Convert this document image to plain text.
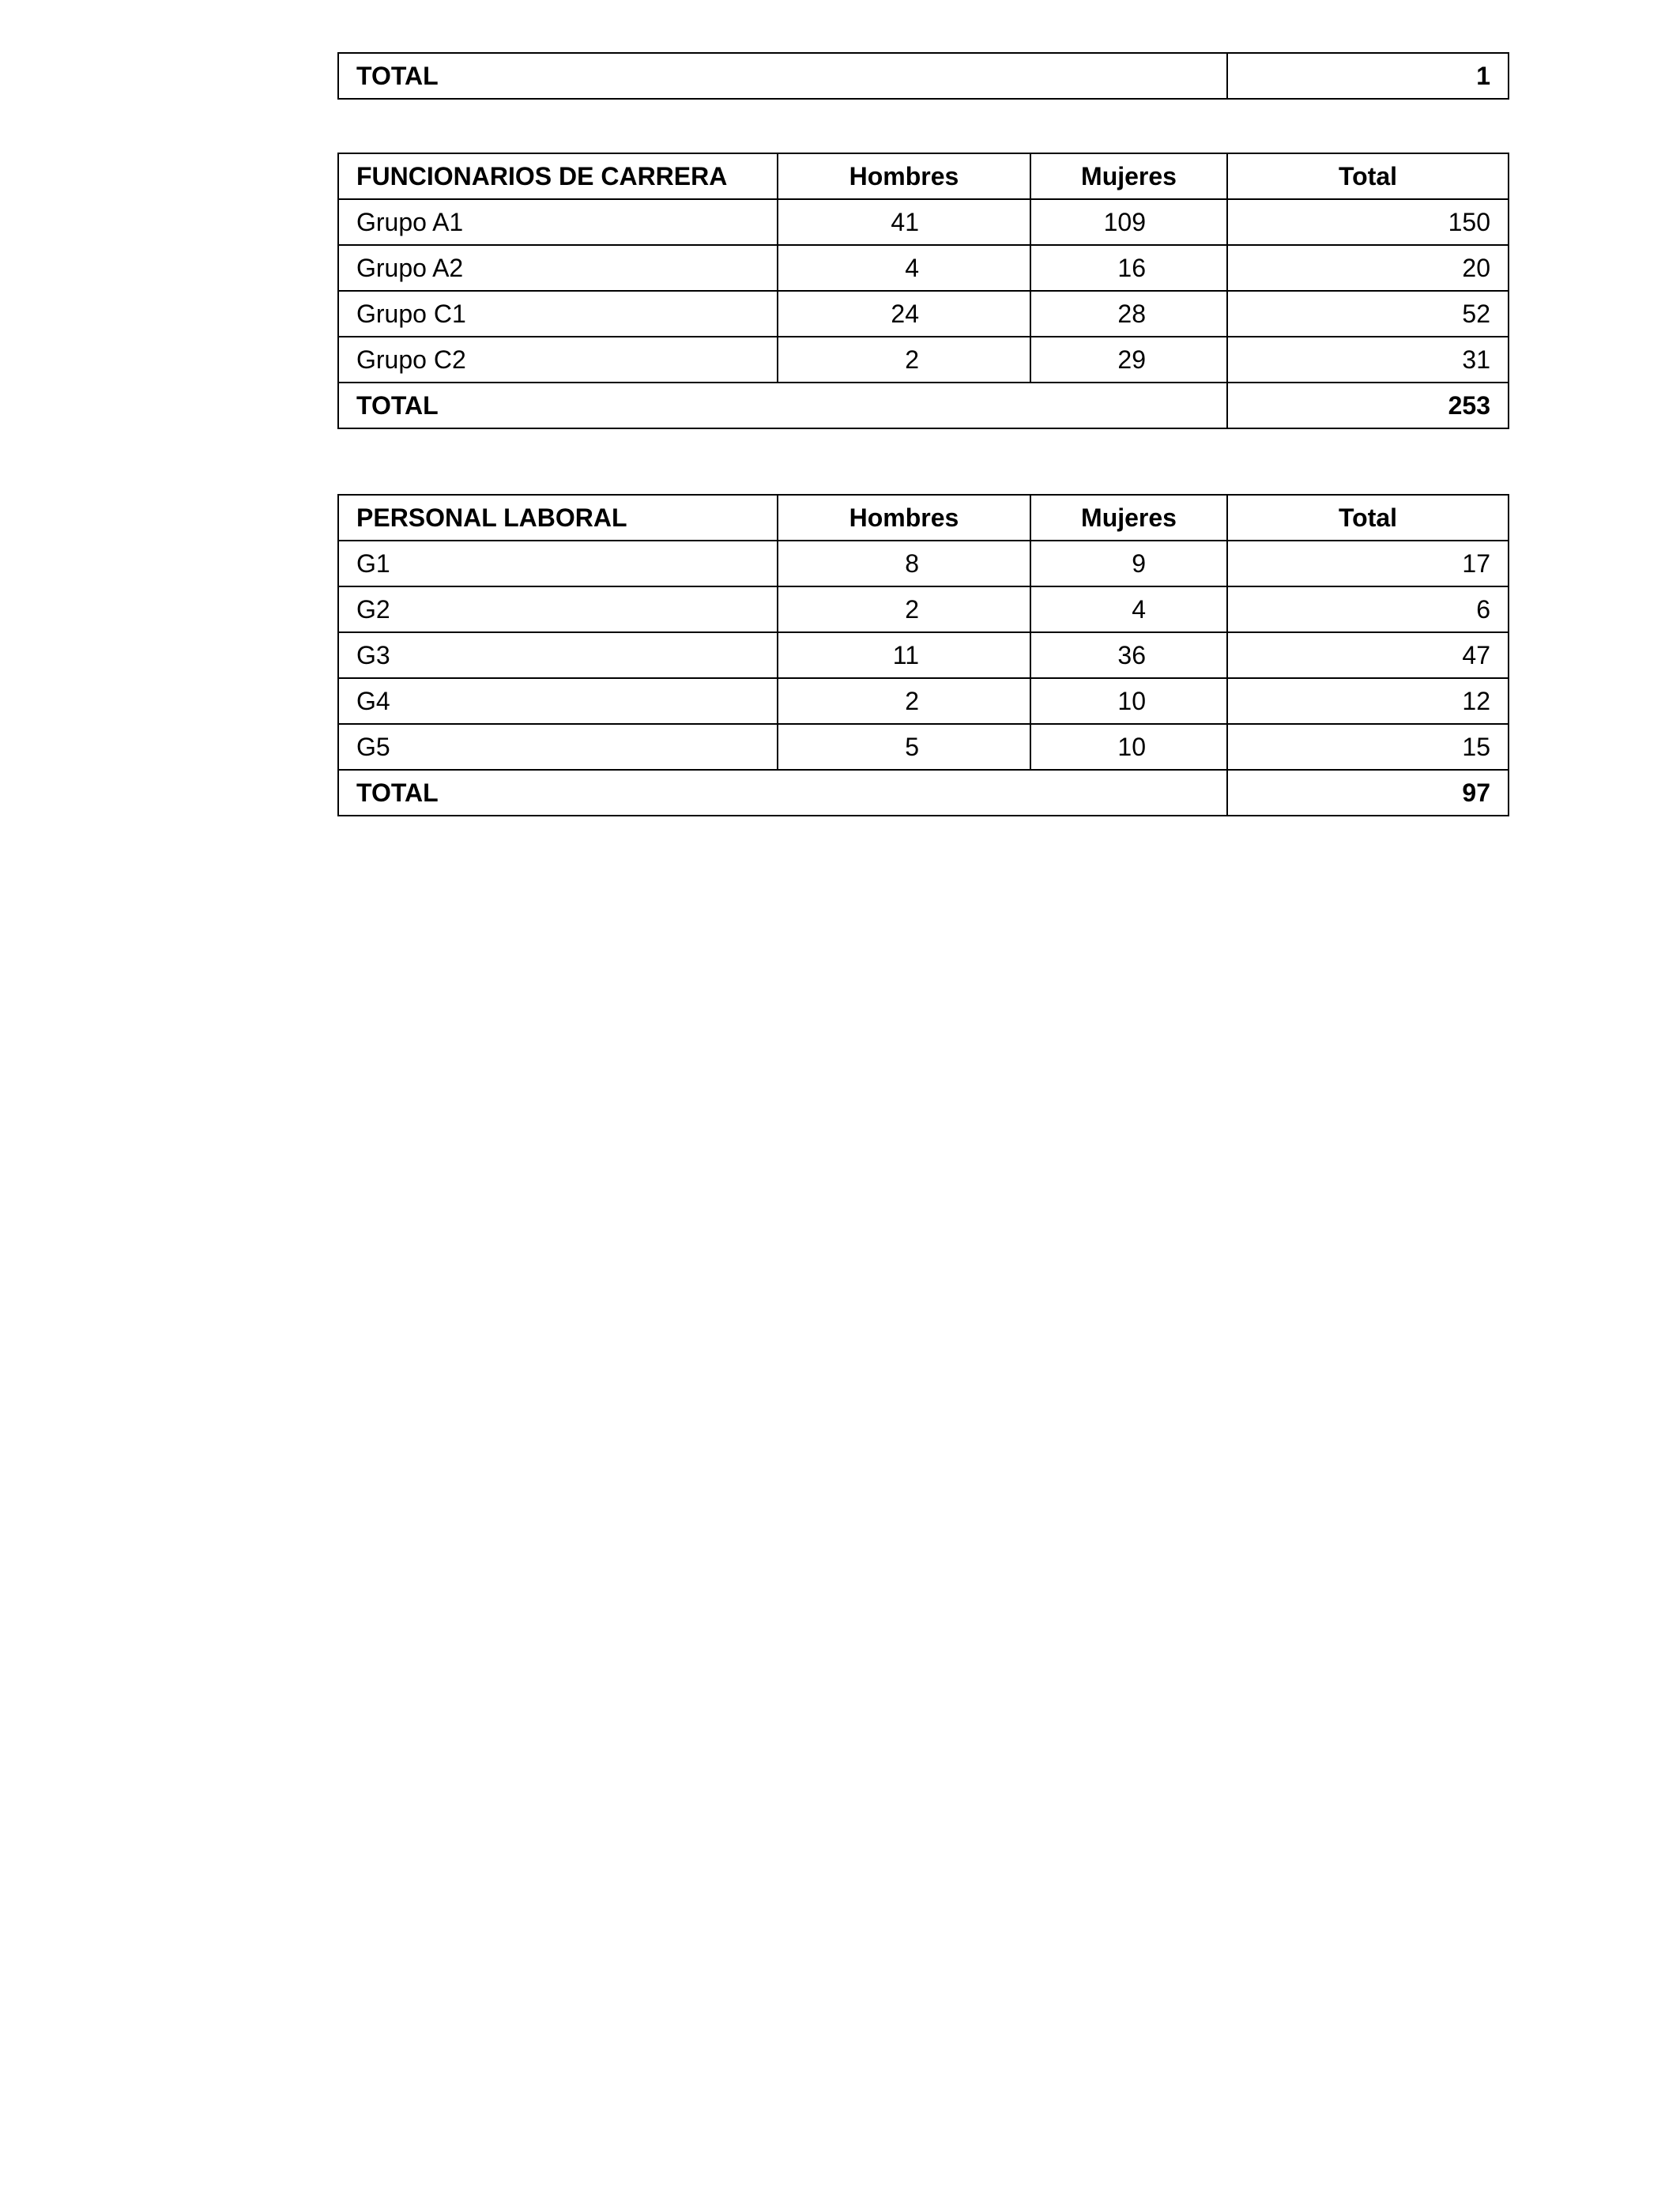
TOTAL	1
FUNCIONARIOS DE CARRERA	Hombres	Mujeres	Total
Grupo A1	41	109	150
Grupo A2	4	16	20
Grupo C1	24	28	52
Grupo C2	2	29	31
TOTAL			253
PERSONAL LABORAL	Hombres	Mujeres	Total
G1	8	9	17
G2	2	4	6
G3	11	36	47
G4	2	10	12
G5	5	10	15
TOTAL			97
